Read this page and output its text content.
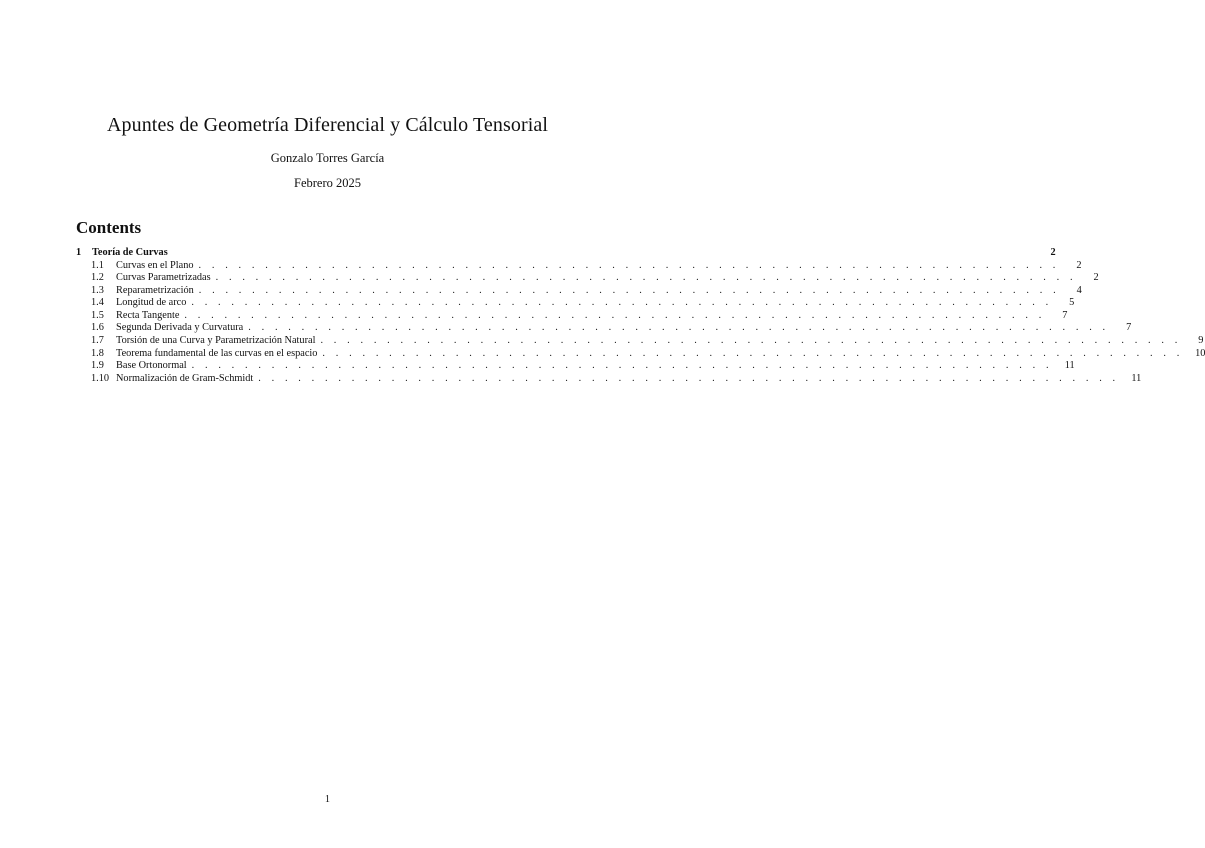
Apuntes de Geometría Diferencial y Cálculo Tensorial
Gonzalo Torres García
Febrero 2025
Contents
1	Teoría de Curvas	2
1.1	Curvas en el Plano . . . . . . . . . . . . . . . . . . . . . . . . . . . . . . . . . . . . . . . . . . . . . . . . . . . . . . . . . . . . . . . . .	2
1.2	Curvas Parametrizadas . . . . . . . . . . . . . . . . . . . . . . . . . . . . . . . . . . . . . . . . . . . . . . . . . . . . . . . . . . . . . . . . .	2
1.3	Reparametrización . . . . . . . . . . . . . . . . . . . . . . . . . . . . . . . . . . . . . . . . . . . . . . . . . . . . . . . . . . . . . . . . .	4
1.4	Longitud de arco . . . . . . . . . . . . . . . . . . . . . . . . . . . . . . . . . . . . . . . . . . . . . . . . . . . . . . . . . . . . . . . . .	5
1.5	Recta Tangente . . . . . . . . . . . . . . . . . . . . . . . . . . . . . . . . . . . . . . . . . . . . . . . . . . . . . . . . . . . . . . . . .	7
1.6	Segunda Derivada y Curvatura . . . . . . . . . . . . . . . . . . . . . . . . . . . . . . . . . . . . . . . . . . . . . . . . . . . . . . . . . . . . . . . . .	7
1.7	Torsión de una Curva y Parametrización Natural . . . . . . . . . . . . . . . . . . . . . . . . . . . . . . . . . . . . . . . . . . . . . . . . . . . . . . . . . . . . . . . . .	9
1.8	Teorema fundamental de las curvas en el espacio . . . . . . . . . . . . . . . . . . . . . . . . . . . . . . . . . . . . . . . . . . . . . . . . . . . . . . . . . . . . . . . . .	10
1.9	Base Ortonormal . . . . . . . . . . . . . . . . . . . . . . . . . . . . . . . . . . . . . . . . . . . . . . . . . . . . . . . . . . . . . . . . .	11
1.10 Normalización de Gram-Schmidt . . . . . . . . . . . . . . . . . . . . . . . . . . . . . . . . . . . . . . . . . . . . . . . . . . . . . . . . . . . . . . . . .	11
1
